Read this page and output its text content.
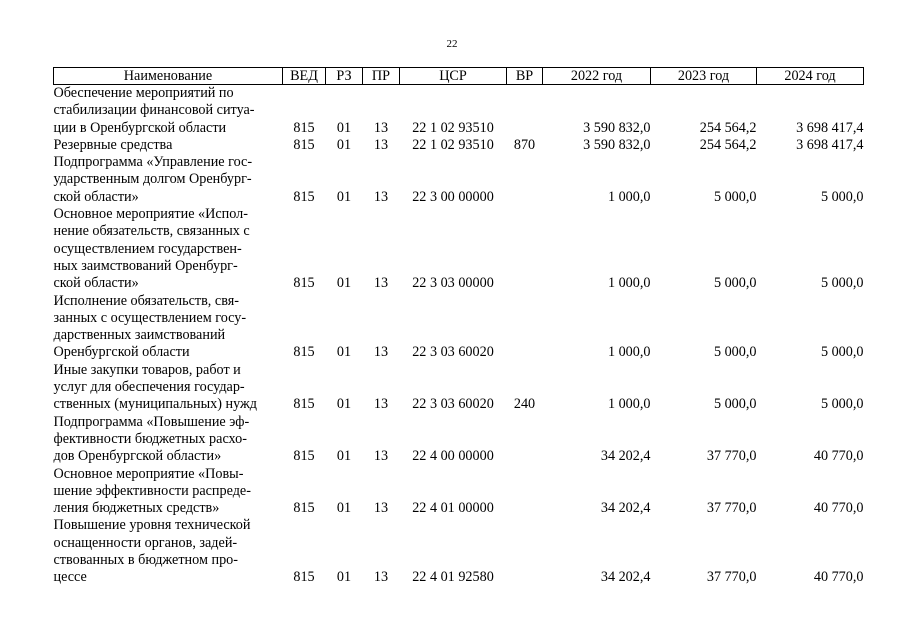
22
Наименование	ВЕД	РЗ	ПР	ЦСР	ВР	2022 год	2023 год	2024 год

Обеспечение мероприятий по
стабилизации финансовой ситуа-
ции в Оренбургской области	815	01	13	22 1 02 93510		3 590 832,0	254 564,2	3 698 417,4

Резервные средства	815	01	13	22 1 02 93510	870	3 590 832,0	254 564,2	3 698 417,4

Подпрограмма «Управление гос-
ударственным долгом Оренбург-
ской области»	815	01	13	22 3 00 00000		1 000,0	5 000,0	5 000,0

Основное мероприятие «Испол-
нение обязательств, связанных с
осуществлением государствен-
ных заимствований Оренбург-
ской области»	815	01	13	22 3 03 00000		1 000,0	5 000,0	5 000,0

Исполнение обязательств, свя-
занных с осуществлением госу-
дарственных заимствований
Оренбургской области	815	01	13	22 3 03 60020		1 000,0	5 000,0	5 000,0

Иные закупки товаров, работ и
услуг для обеспечения государ-
ственных (муниципальных) нужд	815	01	13	22 3 03 60020	240	1 000,0	5 000,0	5 000,0

Подпрограмма «Повышение эф-
фективности бюджетных расхо-
дов Оренбургской области»	815	01	13	22 4 00 00000		34 202,4	37 770,0	40 770,0

Основное мероприятие «Повы-
шение эффективности распреде-
ления бюджетных средств»	815	01	13	22 4 01 00000		34 202,4	37 770,0	40 770,0

Повышение уровня технической
оснащенности органов, задей-
ствованных в бюджетном про-
цессе	815	01	13	22 4 01 92580		34 202,4	37 770,0	40 770,0
